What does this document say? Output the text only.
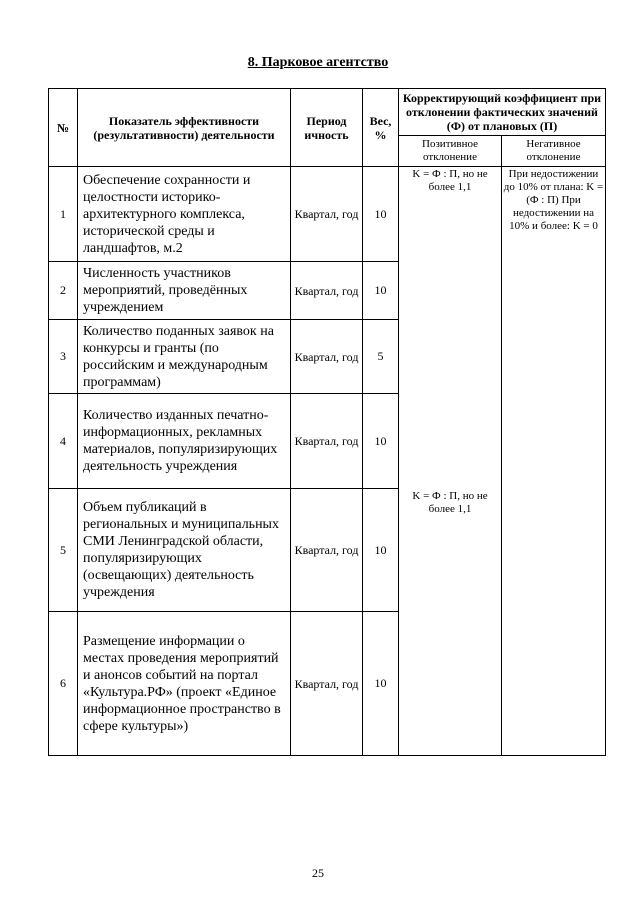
8. Парковое агентство
№	Показатель эффективности (результативности) деятельности	Период ичность	Вес, %	Корректирующий коэффициент при отклонении фактических значений (Ф) от плановых (П)	
				Позитивное отклонение	Негативное отклонение
1	Обеспечение сохранности и целостности историко-архитектурного комплекса, исторической среды и ландшафтов, м.2	Квартал, год	10	K = Ф : П, но не более 1,1	При недостижении до 10% от плана: K = (Ф : П) При недостижении на 10% и более: K = 0
2	Численность участников мероприятий, проведённых учреждением	Квартал, год	10		
3	Количество поданных заявок на конкурсы и гранты (по российским и международным программам)	Квартал, год	5		
4	Количество изданных печатно-информационных, рекламных материалов, популяризирующих деятельность учреждения	Квартал, год	10		
5	Объем публикаций в региональных и муниципальных СМИ Ленинградской области, популяризирующих (освещающих) деятельность учреждения	Квартал, год	10	K = Ф : П, но не более 1,1	
6	Размещение информации о местах проведения мероприятий и анонсов событий на портал «Культура.РФ» (проект «Единое информационное пространство в сфере культуры»)	Квартал, год	10		
25
